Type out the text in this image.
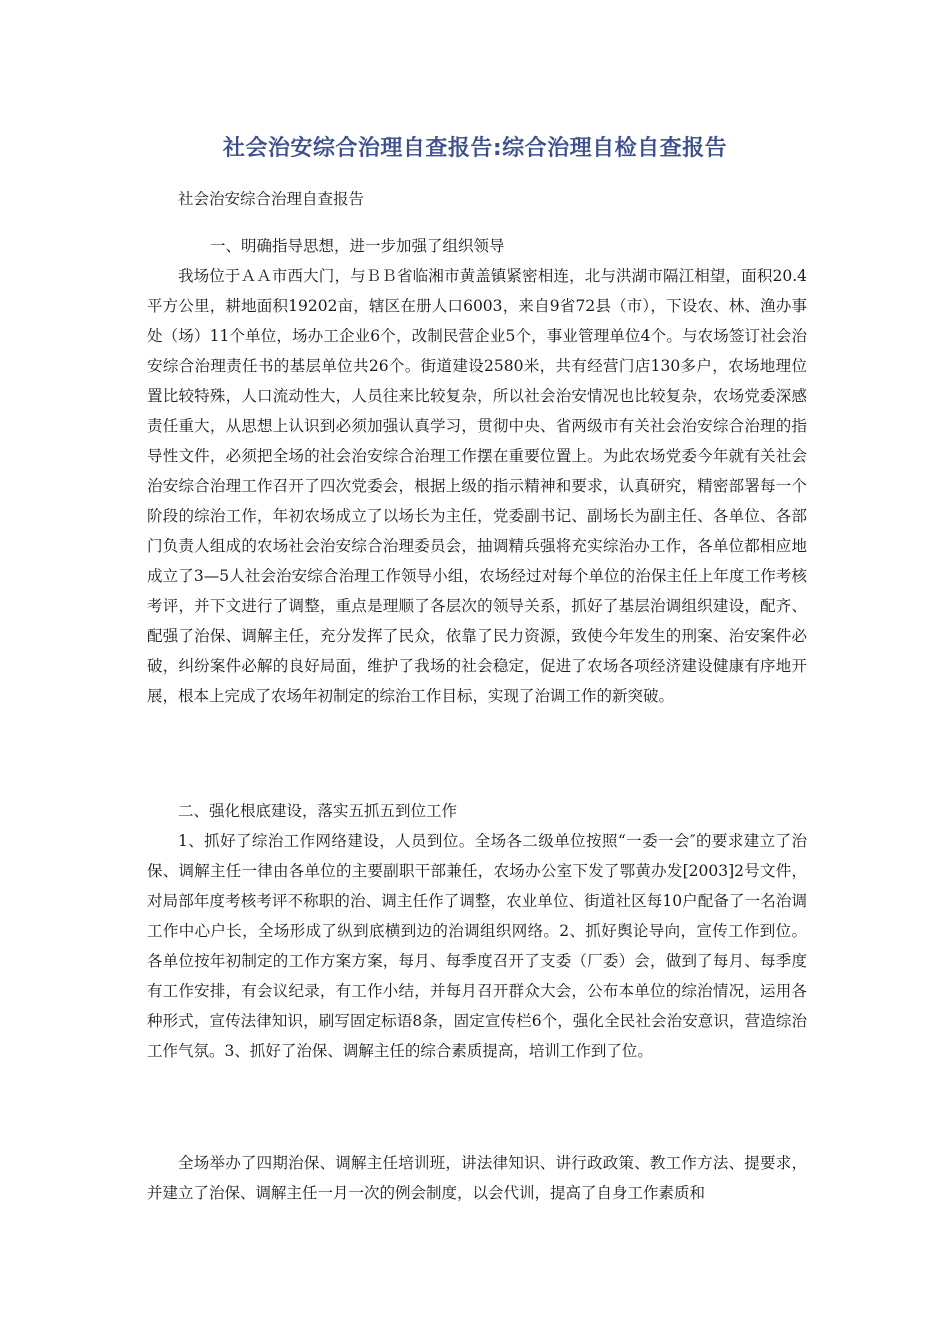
社会治安综合治理自查报告:综合治理自检自查报告
社会治安综合治理自查报告
一、明确指导思想，进一步加强了组织领导
我场位于ＡＡ市西大门，与ＢＢ省临湘市黄盖镇紧密相连，北与洪湖市隔江相望，面积20.4平方公里，耕地面积19202亩，辖区在册人口6003，来自9省72县（市），下设农、林、渔办事处（场）11个单位，场办工企业6个，改制民营企业5个，事业管理单位4个。与农场签订社会治安综合治理责任书的基层单位共26个。街道建设2580米，共有经营门店130多户，农场地理位置比较特殊，人口流动性大，人员往来比较复杂，所以社会治安情况也比较复杂，农场党委深感责任重大，从思想上认识到必须加强认真学习，贯彻中央、省两级市有关社会治安综合治理的指导性文件，必须把全场的社会治安综合治理工作摆在重要位置上。为此农场党委今年就有关社会治安综合治理工作召开了四次党委会，根据上级的指示精神和要求，认真研究，精密部署每一个阶段的综治工作，年初农场成立了以场长为主任，党委副书记、副场长为副主任、各单位、各部门负责人组成的农场社会治安综合治理委员会，抽调精兵强将充实综治办工作，各单位都相应地成立了3—5人社会治安综合治理工作领导小组，农场经过对每个单位的治保主任上年度工作考核考评，并下文进行了调整，重点是理顺了各层次的领导关系，抓好了基层治调组织建设，配齐、配强了治保、调解主任，充分发挥了民众，依靠了民力资源，致使今年发生的刑案、治安案件必破，纠纷案件必解的良好局面，维护了我场的社会稳定，促进了农场各项经济建设健康有序地开展，根本上完成了农场年初制定的综治工作目标，实现了治调工作的新突破。
二、强化根底建设，落实五抓五到位工作
1、抓好了综治工作网络建设，人员到位。全场各二级单位按照“一委一会″的要求建立了治保、调解主任一律由各单位的主要副职干部兼任，农场办公室下发了鄂黄办发[2003]2号文件，对局部年度考核考评不称职的治、调主任作了调整，农业单位、街道社区每10户配备了一名治调工作中心户长，全场形成了纵到底横到边的治调组织网络。2、抓好舆论导向，宣传工作到位。各单位按年初制定的工作方案方案，每月、每季度召开了支委（厂委）会，做到了每月、每季度有工作安排，有会议纪录，有工作小结，并每月召开群众大会，公布本单位的综治情况，运用各种形式，宣传法律知识，刷写固定标语8条，固定宣传栏6个，强化全民社会治安意识，营造综治工作气氛。3、抓好了治保、调解主任的综合素质提高，培训工作到了位。
全场举办了四期治保、调解主任培训班，讲法律知识、讲行政政策、教工作方法、提要求，并建立了治保、调解主任一月一次的例会制度，以会代训，提高了自身工作素质和
